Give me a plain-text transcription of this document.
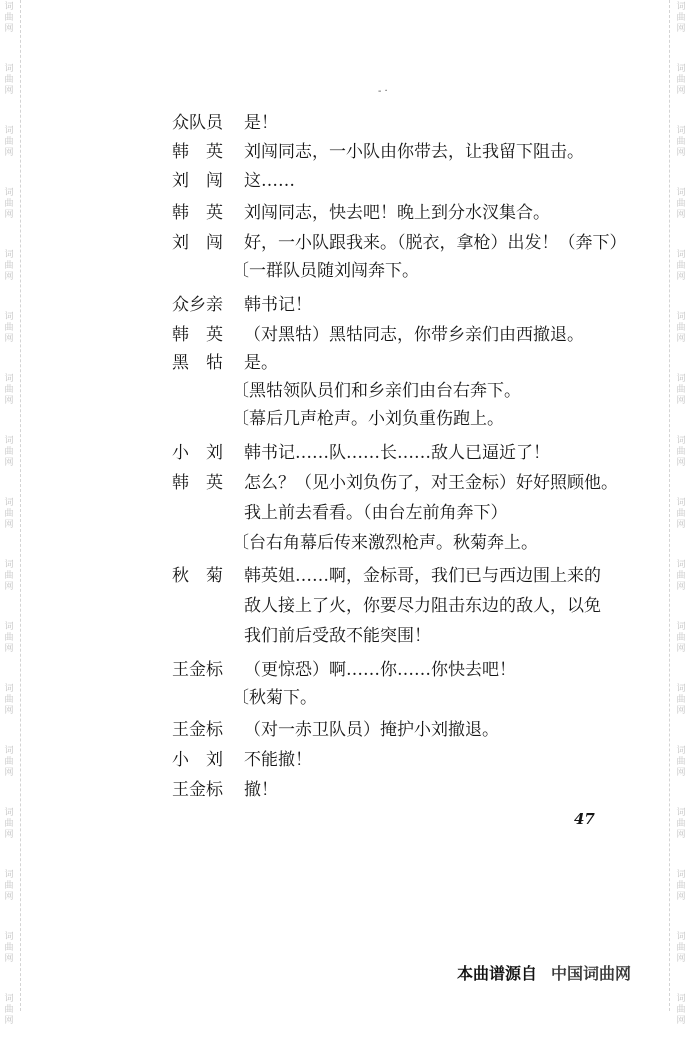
词
曲
网
词
曲
网
词
曲
网
词
曲
网
词
曲
网
词
曲
网
词
曲
网
词
曲
网
词
曲
网
词
曲
网
词
曲
网
词
曲
网
词
曲
网
词
曲
网
词
曲
网
词
曲
网
词
曲
网
词
曲
网
词
曲
网
词
曲
网
词
曲
网
词
曲
网
词
曲
网
词
曲
网
词
曲
网
词
曲
网
词
曲
网
词
曲
网
词
曲
网
词
曲
网
词
曲
网
词
曲
网
词
曲
网
词
曲
网
‐ ·
众队员	是！
韩　英	刘闯同志，一小队由你带去，让我留下阻击。
刘　闯	这……
韩　英	刘闯同志，快去吧！晚上到分水汊集合。
刘　闯	好，一小队跟我来。（脱衣，拿枪）出发！（奔下）
〔一群队员随刘闯奔下。
众乡亲	韩书记！
韩　英	（对黑牯）黑牯同志，你带乡亲们由西撤退。
黑　牯	是。
〔黑牯领队员们和乡亲们由台右奔下。
〔幕后几声枪声。小刘负重伤跑上。
小　刘	韩书记……队……长……敌人已逼近了！
韩　英	怎么？（见小刘负伤了，对王金标）好好照顾他。
我上前去看看。（由台左前角奔下）
〔台右角幕后传来激烈枪声。秋菊奔上。
秋　菊	韩英姐……啊，金标哥，我们已与西边围上来的
敌人接上了火，你要尽力阻击东边的敌人，以免
我们前后受敌不能突围！
王金标	（更惊恐）啊……你……你快去吧！
〔秋菊下。
王金标	（对一赤卫队员）掩护小刘撤退。
小　刘	不能撤！
王金标	撤！
47
本曲谱源自 中国词曲网
